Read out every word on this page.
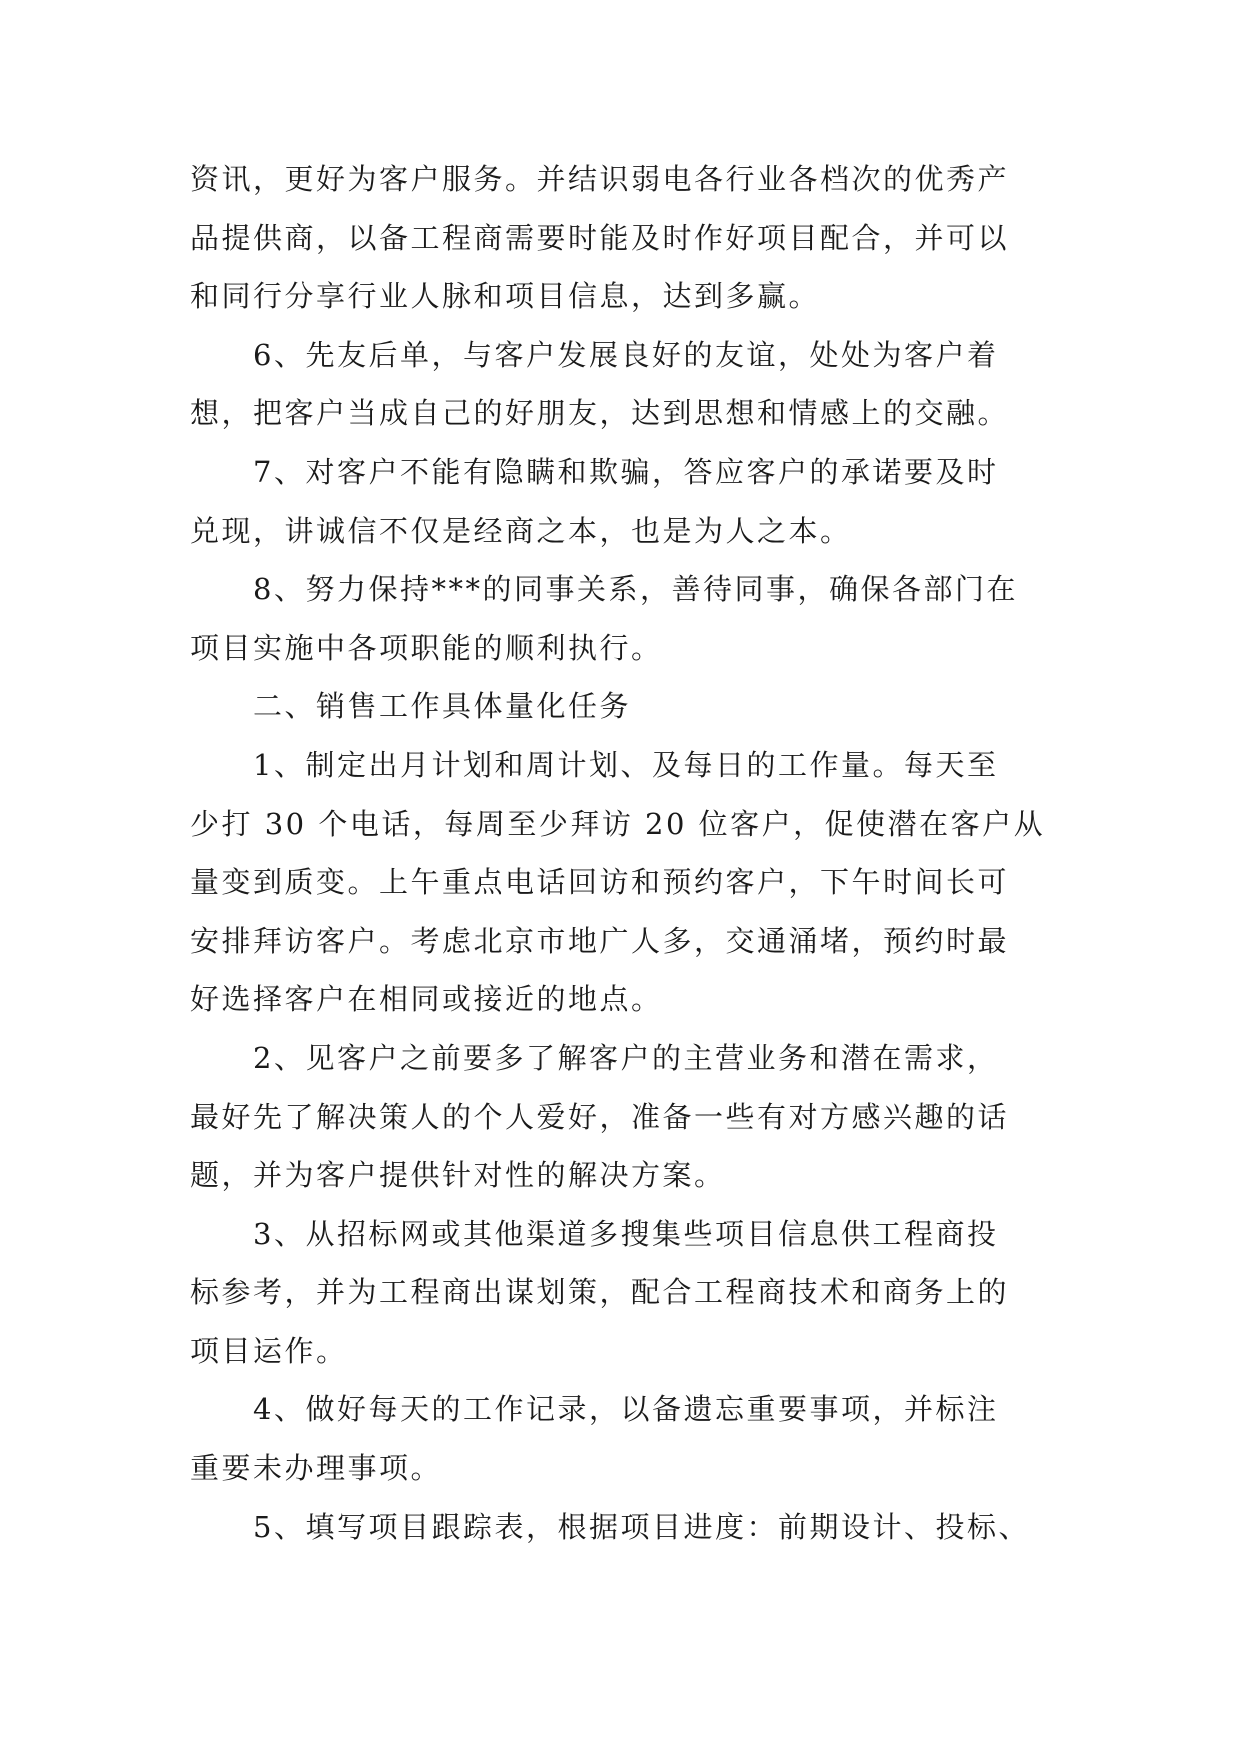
资讯，更好为客户服务。并结识弱电各行业各档次的优秀产
品提供商，以备工程商需要时能及时作好项目配合，并可以
和同行分享行业人脉和项目信息，达到多赢。
6、先友后单，与客户发展良好的友谊，处处为客户着
想，把客户当成自己的好朋友，达到思想和情感上的交融。
7、对客户不能有隐瞒和欺骗，答应客户的承诺要及时
兑现，讲诚信不仅是经商之本，也是为人之本。
8、努力保持***的同事关系，善待同事，确保各部门在
项目实施中各项职能的顺利执行。
二、销售工作具体量化任务
1、制定出月计划和周计划、及每日的工作量。每天至
少打 30 个电话，每周至少拜访 20 位客户，促使潜在客户从
量变到质变。上午重点电话回访和预约客户，下午时间长可
安排拜访客户。考虑北京市地广人多，交通涌堵，预约时最
好选择客户在相同或接近的地点。
2、见客户之前要多了解客户的主营业务和潜在需求，
最好先了解决策人的个人爱好，准备一些有对方感兴趣的话
题，并为客户提供针对性的解决方案。
3、从招标网或其他渠道多搜集些项目信息供工程商投
标参考，并为工程商出谋划策，配合工程商技术和商务上的
项目运作。
4、做好每天的工作记录，以备遗忘重要事项，并标注
重要未办理事项。
5、填写项目跟踪表，根据项目进度：前期设计、投标、
